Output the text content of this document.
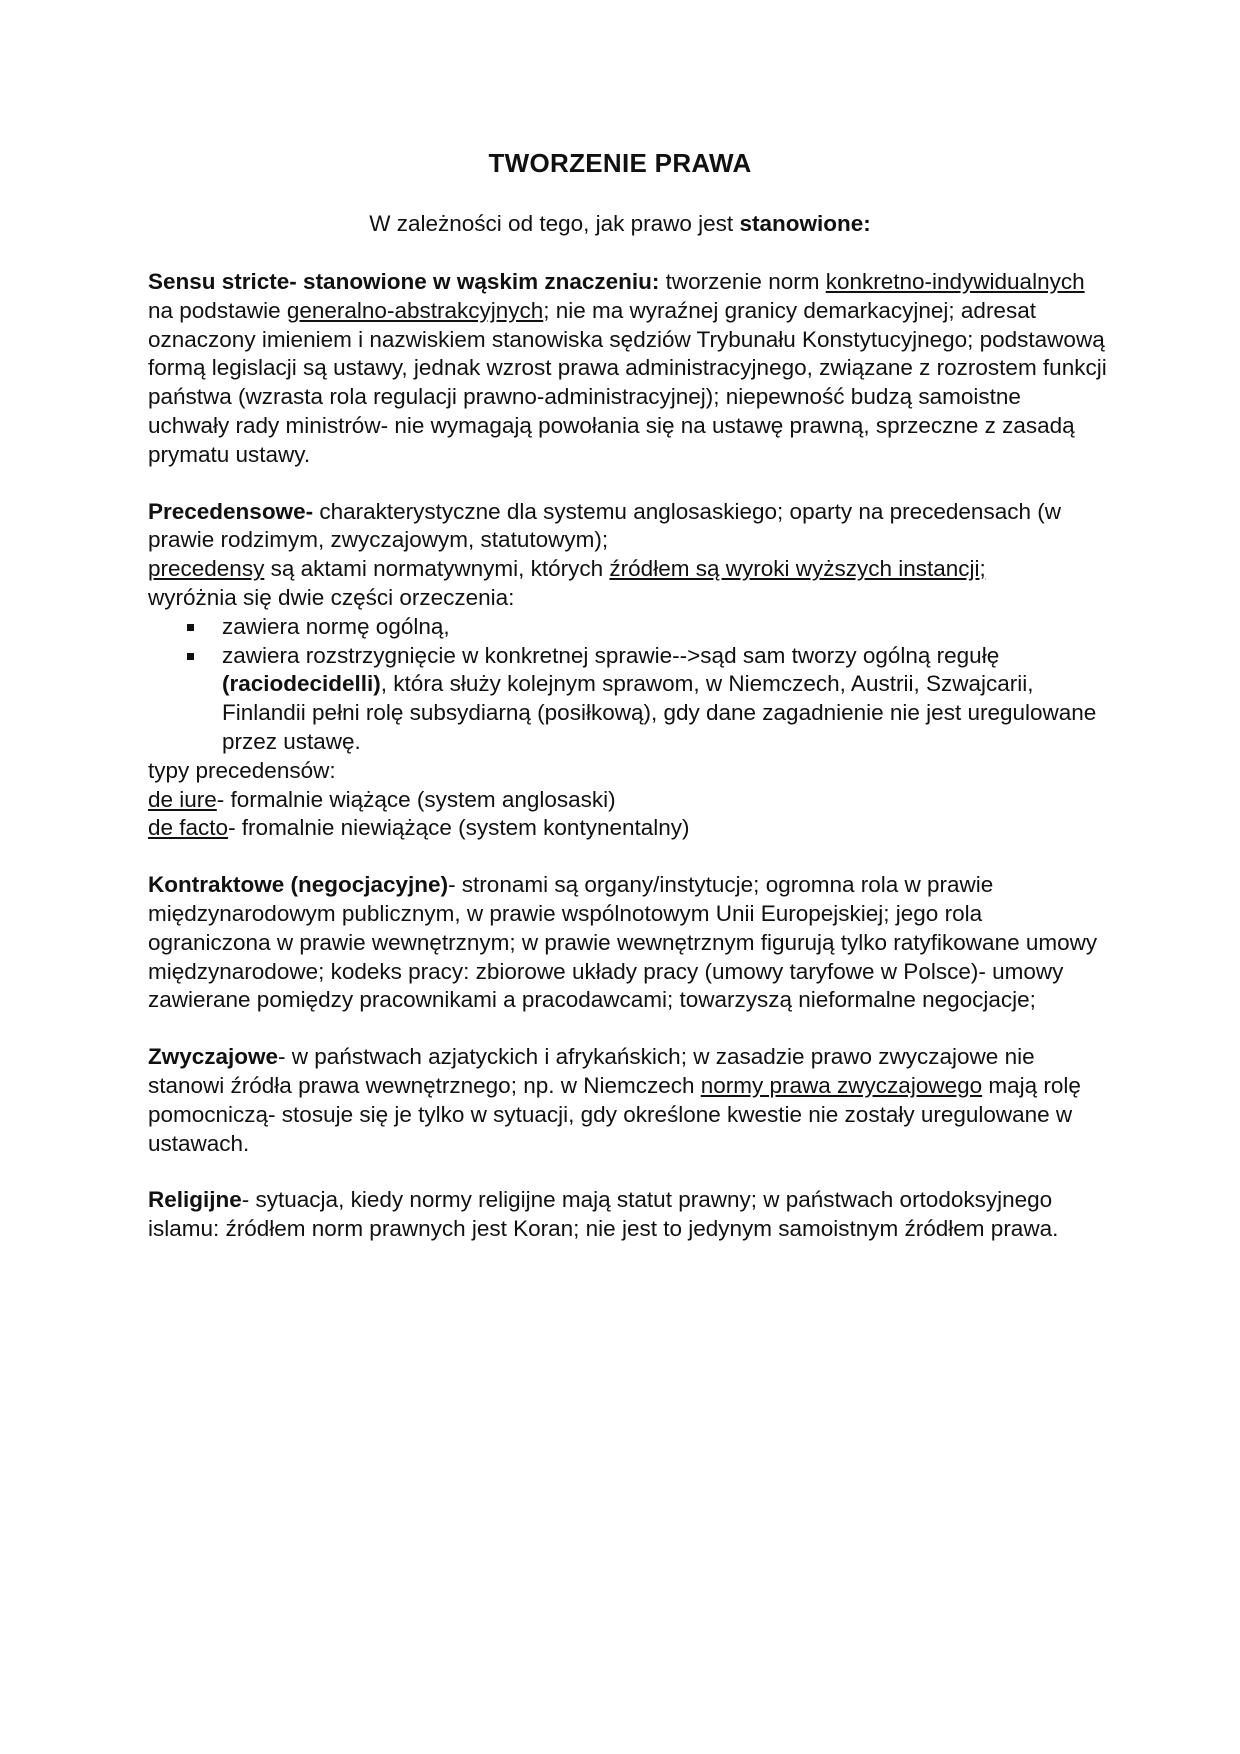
TWORZENIE PRAWA
W zależności od tego, jak prawo jest stanowione:

Sensu stricte- stanowione w wąskim znaczeniu: tworzenie norm konkretno-indywidualnych na podstawie generalno-abstrakcyjnych; nie ma wyraźnej granicy demarkacyjnej; adresat oznaczony imieniem i nazwiskiem stanowiska sędziów Trybunału Konstytucyjnego; podstawową formą legislacji są ustawy, jednak wzrost prawa administracyjnego, związane z rozrostem funkcji państwa (wzrasta rola regulacji prawno-administracyjnej); niepewność budzą samoistne uchwały rady ministrów- nie wymagają powołania się na ustawę prawną, sprzeczne z zasadą prymatu ustawy.

Precedensowe- charakterystyczne dla systemu anglosaskiego; oparty na precedensach (w prawie rodzimym, zwyczajowym, statutowym);

precedensy są aktami normatywnymi, których źródłem są wyroki wyższych instancji;

wyróżnia się dwie części orzeczenia:

zawiera normę ogólną,
zawiera rozstrzygnięcie w konkretnej sprawie-->sąd sam tworzy ogólną regułę (raciodecidelli), która służy kolejnym sprawom, w Niemczech, Austrii, Szwajcarii, Finlandii pełni rolę subsydiarną (posiłkową), gdy dane zagadnienie nie jest uregulowane przez ustawę.

typy precedensów:

de iure- formalnie wiążące (system anglosaski)

de facto- fromalnie niewiążące (system kontynentalny)

Kontraktowe (negocjacyjne)- stronami są organy/instytucje; ogromna rola w prawie międzynarodowym publicznym, w prawie wspólnotowym Unii Europejskiej; jego rola ograniczona w prawie wewnętrznym; w prawie wewnętrznym figurują tylko ratyfikowane umowy międzynarodowe; kodeks pracy: zbiorowe układy pracy (umowy taryfowe w Polsce)- umowy zawierane pomiędzy pracownikami a pracodawcami; towarzyszą nieformalne negocjacje;

Zwyczajowe- w państwach azjatyckich i afrykańskich; w zasadzie prawo zwyczajowe nie stanowi źródła prawa wewnętrznego; np. w Niemczech normy prawa zwyczajowego mają rolę pomocniczą- stosuje się je tylko w sytuacji, gdy określone kwestie nie zostały uregulowane w ustawach.

Religijne- sytuacja, kiedy normy religijne mają statut prawny; w państwach ortodoksyjnego islamu: źródłem norm prawnych jest Koran; nie jest to jedynym samoistnym źródłem prawa.
